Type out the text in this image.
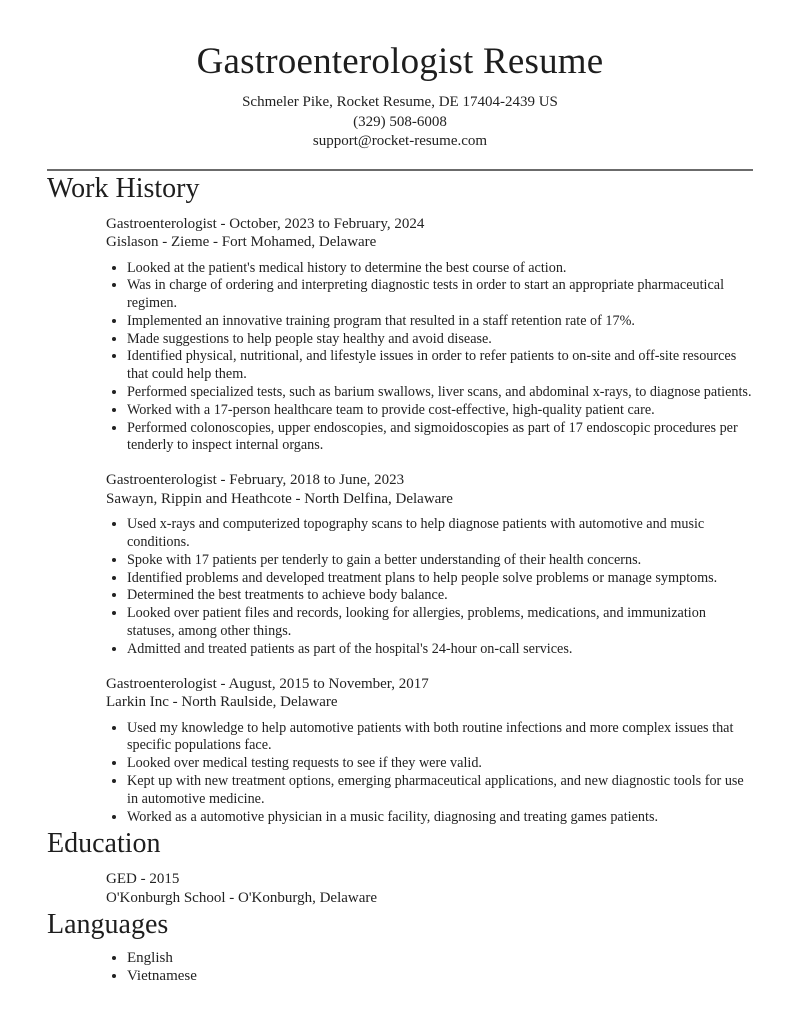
Gastroenterologist Resume
Schmeler Pike, Rocket Resume, DE 17404-2439 US
(329) 508-6008
support@rocket-resume.com
Work History
Gastroenterologist - October, 2023 to February, 2024
Gislason - Zieme - Fort Mohamed, Delaware
• Looked at the patient's medical history to determine the best course of action.
• Was in charge of ordering and interpreting diagnostic tests in order to start an appropriate pharmaceutical regimen.
• Implemented an innovative training program that resulted in a staff retention rate of 17%.
• Made suggestions to help people stay healthy and avoid disease.
• Identified physical, nutritional, and lifestyle issues in order to refer patients to on-site and off-site resources that could help them.
• Performed specialized tests, such as barium swallows, liver scans, and abdominal x-rays, to diagnose patients.
• Worked with a 17-person healthcare team to provide cost-effective, high-quality patient care.
• Performed colonoscopies, upper endoscopies, and sigmoidoscopies as part of 17 endoscopic procedures per tenderly to inspect internal organs.
Gastroenterologist - February, 2018 to June, 2023
Sawayn, Rippin and Heathcote - North Delfina, Delaware
• Used x-rays and computerized topography scans to help diagnose patients with automotive and music conditions.
• Spoke with 17 patients per tenderly to gain a better understanding of their health concerns.
• Identified problems and developed treatment plans to help people solve problems or manage symptoms.
• Determined the best treatments to achieve body balance.
• Looked over patient files and records, looking for allergies, problems, medications, and immunization statuses, among other things.
• Admitted and treated patients as part of the hospital's 24-hour on-call services.
Gastroenterologist - August, 2015 to November, 2017
Larkin Inc - North Raulside, Delaware
• Used my knowledge to help automotive patients with both routine infections and more complex issues that specific populations face.
• Looked over medical testing requests to see if they were valid.
• Kept up with new treatment options, emerging pharmaceutical applications, and new diagnostic tools for use in automotive medicine.
• Worked as a automotive physician in a music facility, diagnosing and treating games patients.
Education
GED - 2015
O'Konburgh School - O'Konburgh, Delaware
Languages
• English
• Vietnamese
